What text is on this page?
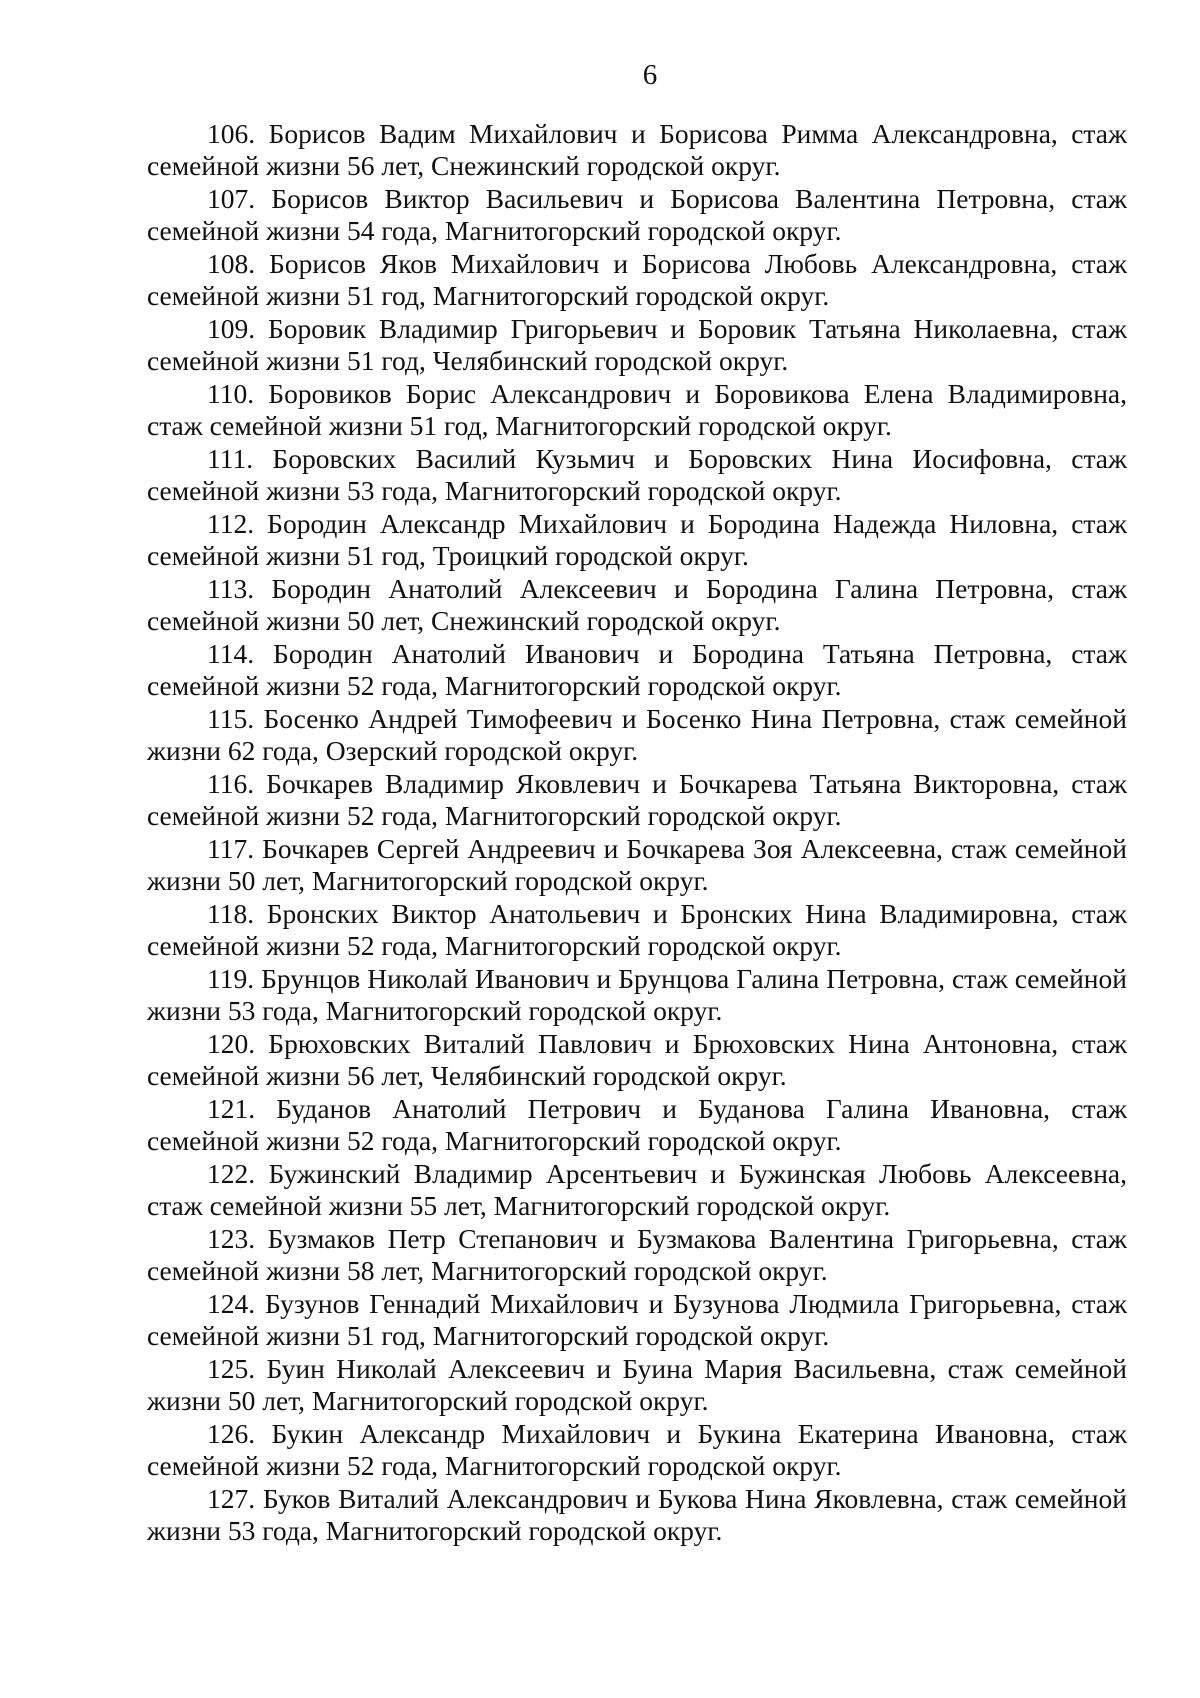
6

106. Борисов Вадим Михайлович и Борисова Римма Александровна, стаж семейной жизни 56 лет, Снежинский городской округ.

107. Борисов Виктор Васильевич и Борисова Валентина Петровна, стаж семейной жизни 54 года, Магнитогорский городской округ.

108. Борисов Яков Михайлович и Борисова Любовь Александровна, стаж семейной жизни 51 год, Магнитогорский городской округ.

109. Боровик Владимир Григорьевич и Боровик Татьяна Николаевна, стаж семейной жизни 51 год, Челябинский городской округ.

110. Боровиков Борис Александрович и Боровикова Елена Владимировна, стаж семейной жизни 51 год, Магнитогорский городской округ.

111. Боровских Василий Кузьмич и Боровских Нина Иосифовна, стаж семейной жизни 53 года, Магнитогорский городской округ.

112. Бородин Александр Михайлович и Бородина Надежда Ниловна, стаж семейной жизни 51 год, Троицкий городской округ.

113. Бородин Анатолий Алексеевич и Бородина Галина Петровна, стаж семейной жизни 50 лет, Снежинский городской округ.

114. Бородин Анатолий Иванович и Бородина Татьяна Петровна, стаж семейной жизни 52 года, Магнитогорский городской округ.

115. Босенко Андрей Тимофеевич и Босенко Нина Петровна, стаж семейной жизни 62 года, Озерский городской округ.

116. Бочкарев Владимир Яковлевич и Бочкарева Татьяна Викторовна, стаж семейной жизни 52 года, Магнитогорский городской округ.

117. Бочкарев Сергей Андреевич и Бочкарева Зоя Алексеевна, стаж семейной жизни 50 лет, Магнитогорский городской округ.

118. Бронских Виктор Анатольевич и Бронских Нина Владимировна, стаж семейной жизни 52 года, Магнитогорский городской округ.

119. Брунцов Николай Иванович и Брунцова Галина Петровна, стаж семейной жизни 53 года, Магнитогорский городской округ.

120. Брюховских Виталий Павлович и Брюховских Нина Антоновна, стаж семейной жизни 56 лет, Челябинский городской округ.

121. Буданов Анатолий Петрович и Буданова Галина Ивановна, стаж семейной жизни 52 года, Магнитогорский городской округ.

122. Бужинский Владимир Арсентьевич и Бужинская Любовь Алексеевна, стаж семейной жизни 55 лет, Магнитогорский городской округ.

123. Бузмаков Петр Степанович и Бузмакова Валентина Григорьевна, стаж семейной жизни 58 лет, Магнитогорский городской округ.

124. Бузунов Геннадий Михайлович и Бузунова Людмила Григорьевна, стаж семейной жизни 51 год, Магнитогорский городской округ.

125. Буин Николай Алексеевич и Буина Мария Васильевна, стаж семейной жизни 50 лет, Магнитогорский городской округ.

126. Букин Александр Михайлович и Букина Екатерина Ивановна, стаж семейной жизни 52 года, Магнитогорский городской округ.

127. Буков Виталий Александрович и Букова Нина Яковлевна, стаж семейной жизни 53 года, Магнитогорский городской округ.
